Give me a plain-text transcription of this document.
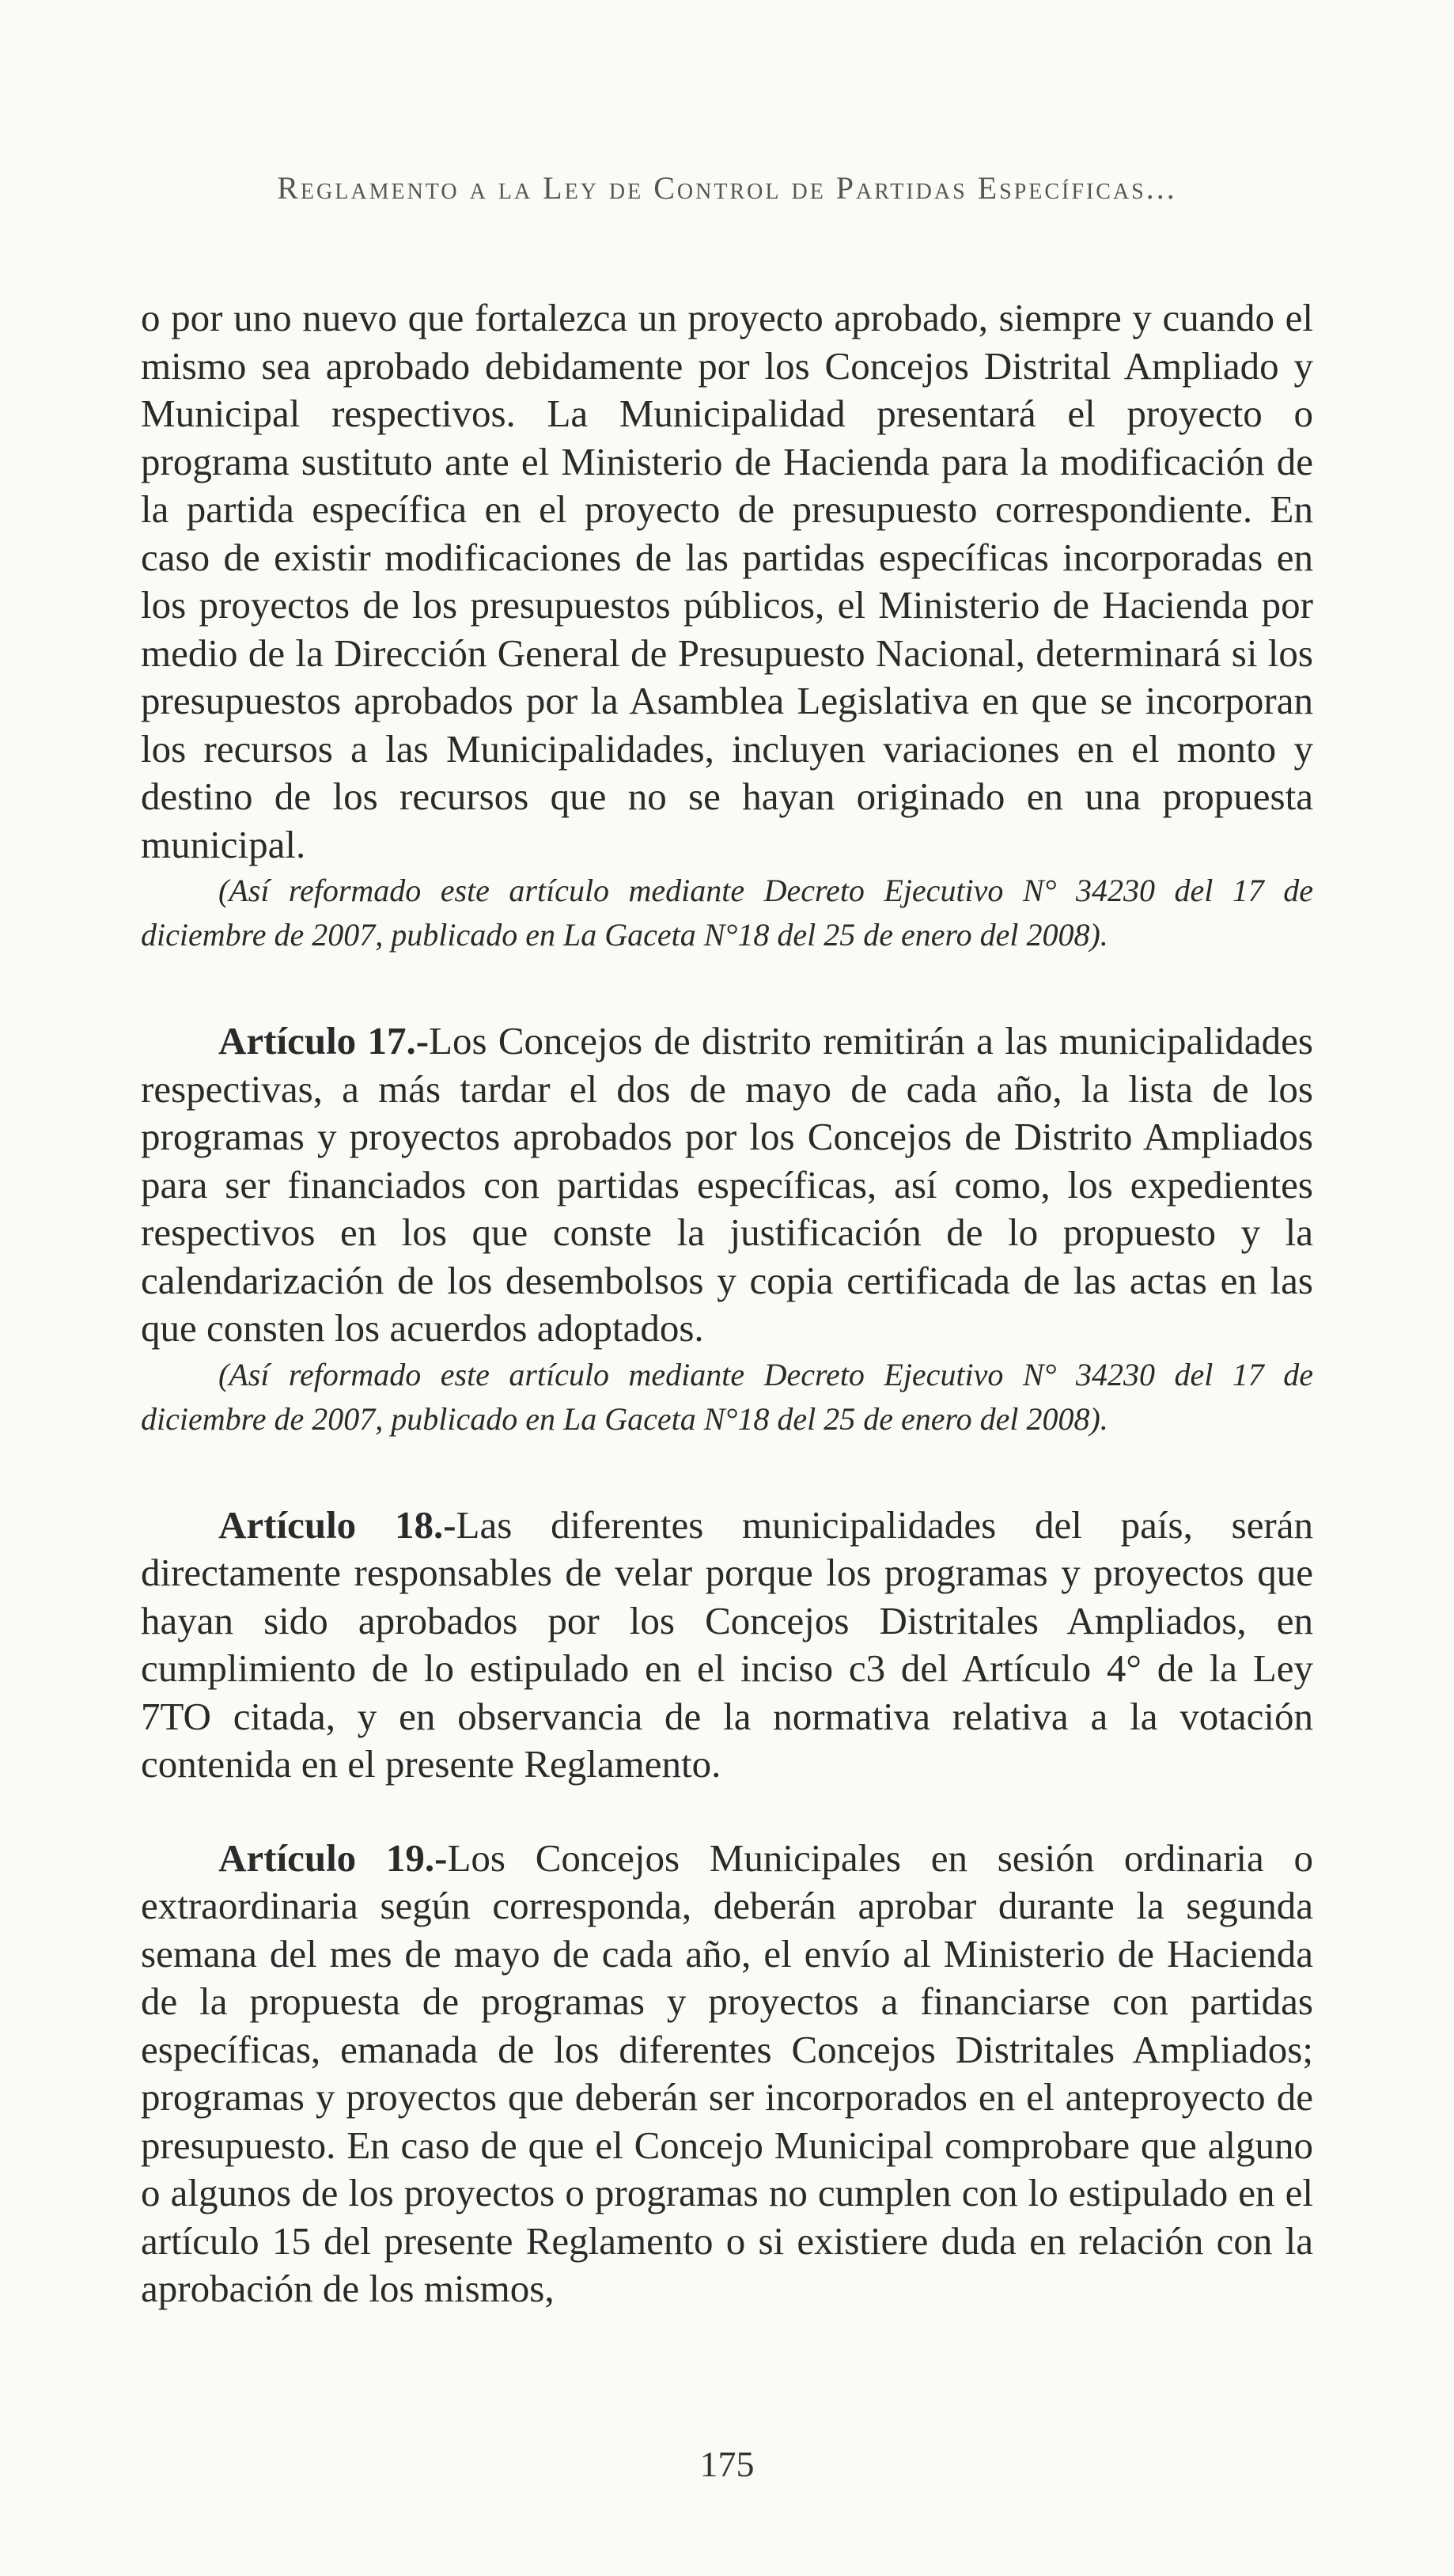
Reglamento a la Ley de Control de Partidas Específicas...

o por uno nuevo que fortalezca un proyecto aprobado, siempre y cuando el mismo sea aprobado debidamente por los Concejos Distrital Ampliado y Municipal respectivos. La Municipalidad presentará el proyecto o programa sustituto ante el Ministerio de Hacienda para la modificación de la partida específica en el proyecto de presupuesto correspondiente. En caso de existir modificaciones de las partidas específicas incorporadas en los proyectos de los presupuestos públicos, el Ministerio de Hacienda por medio de la Dirección General de Presupuesto Nacional, determinará si los presupuestos aprobados por la Asamblea Legislativa en que se incorporan los recursos a las Municipalidades, incluyen variaciones en el monto y destino de los recursos que no se hayan originado en una propuesta municipal.

(Así reformado este artículo mediante Decreto Ejecutivo N° 34230 del 17 de diciembre de 2007, publicado en La Gaceta N°18 del 25 de enero del 2008).

Artículo 17.-Los Concejos de distrito remitirán a las municipalidades respectivas, a más tardar el dos de mayo de cada año, la lista de los programas y proyectos aprobados por los Concejos de Distrito Ampliados para ser financiados con partidas específicas, así como, los expedientes respectivos en los que conste la justificación de lo propuesto y la calendarización de los desembolsos y copia certificada de las actas en las que consten los acuerdos adoptados.

(Así reformado este artículo mediante Decreto Ejecutivo N° 34230 del 17 de diciembre de 2007, publicado en La Gaceta N°18 del 25 de enero del 2008).

Artículo 18.-Las diferentes municipalidades del país, serán directamente responsables de velar porque los programas y proyectos que hayan sido aprobados por los Concejos Distritales Ampliados, en cumplimiento de lo estipulado en el inciso c3 del Artículo 4° de la Ley 7TO citada, y en observancia de la normativa relativa a la votación contenida en el presente Reglamento.

Artículo 19.-Los Concejos Municipales en sesión ordinaria o extraordinaria según corresponda, deberán aprobar durante la segunda semana del mes de mayo de cada año, el envío al Ministerio de Hacienda de la propuesta de programas y proyectos a financiarse con partidas específicas, emanada de los diferentes Concejos Distritales Ampliados; programas y proyectos que deberán ser incorporados en el anteproyecto de presupuesto. En caso de que el Concejo Municipal comprobare que alguno o algunos de los proyectos o programas no cumplen con lo estipulado en el artículo 15 del presente Reglamento o si existiere duda en relación con la aprobación de los mismos,

175
